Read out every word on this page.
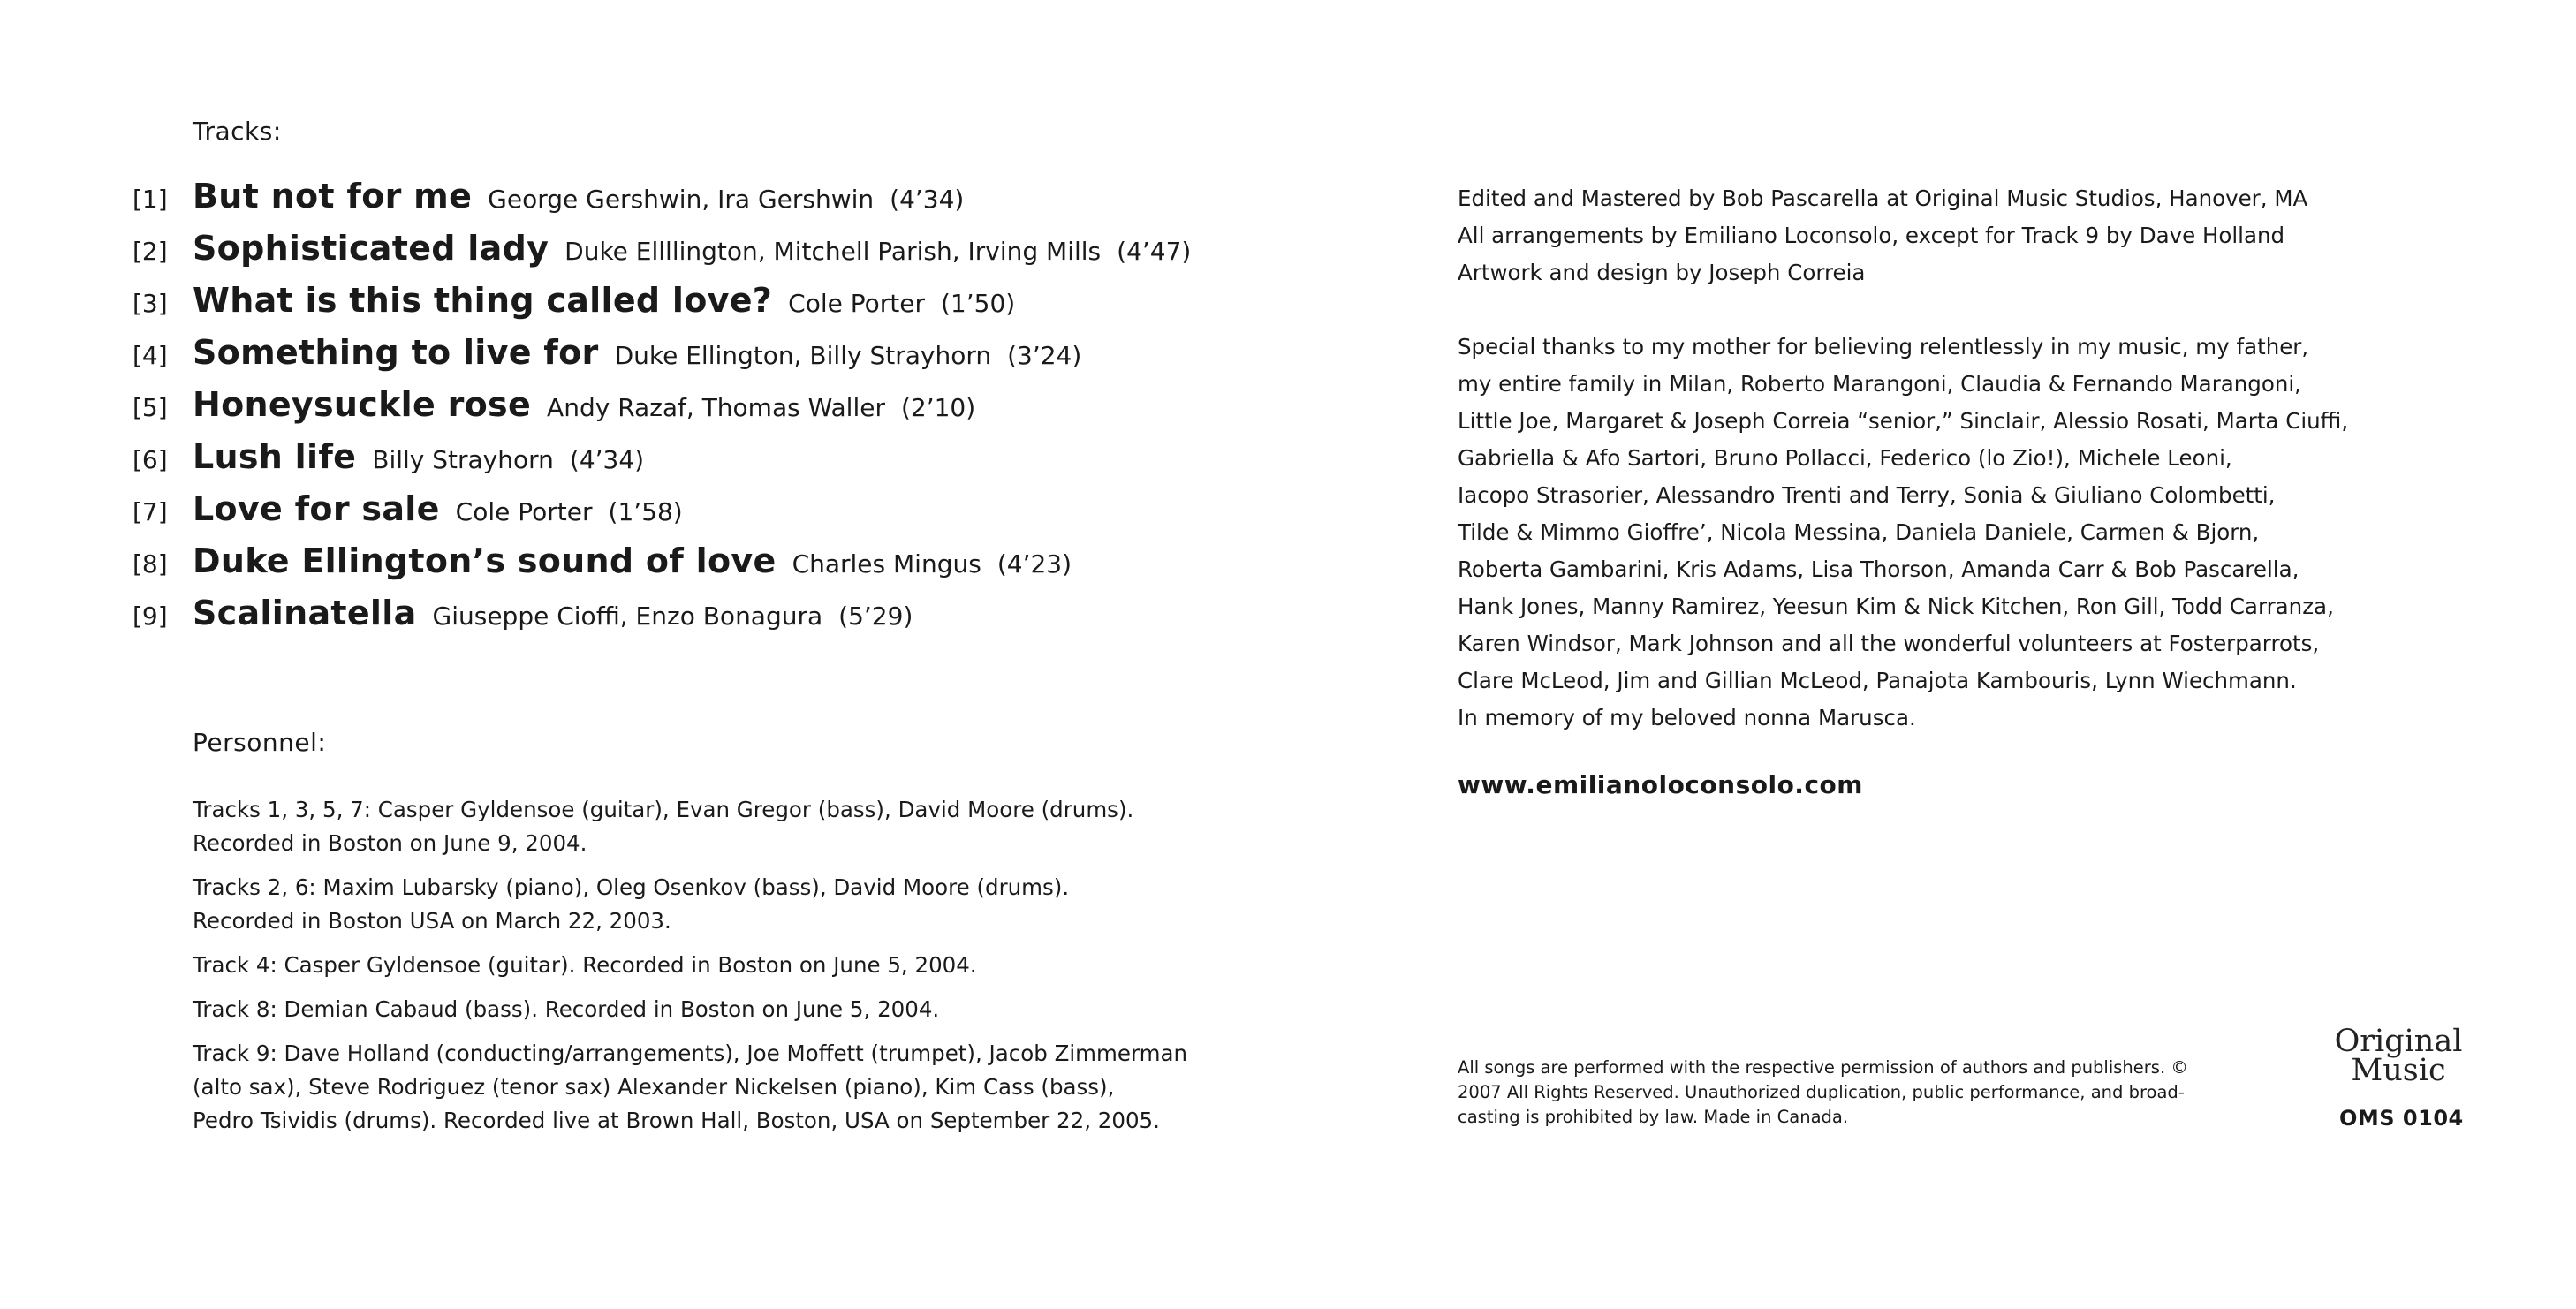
Tracks:
[1] But not for me George Gershwin, Ira Gershwin (4’34)
[2] Sophisticated lady Duke Ellllington, Mitchell Parish, Irving Mills (4’47)
[3] What is this thing called love? Cole Porter (1’50)
[4] Something to live for Duke Ellington, Billy Strayhorn (3’24)
[5] Honeysuckle rose Andy Razaf, Thomas Waller (2’10)
[6] Lush life Billy Strayhorn (4’34)
[7] Love for sale Cole Porter (1’58)
[8] Duke Ellington’s sound of love Charles Mingus (4’23)
[9] Scalinatella Giuseppe Cioffi, Enzo Bonagura (5’29)
Personnel:
Tracks 1, 3, 5, 7: Casper Gyldensoe (guitar), Evan Gregor (bass), David Moore (drums).
Recorded in Boston on June 9, 2004.
Tracks 2, 6: Maxim Lubarsky (piano), Oleg Osenkov (bass), David Moore (drums).
Recorded in Boston USA on March 22, 2003.
Track 4: Casper Gyldensoe (guitar). Recorded in Boston on June 5, 2004.
Track 8: Demian Cabaud (bass). Recorded in Boston on June 5, 2004.
Track 9: Dave Holland (conducting/arrangements), Joe Moffett (trumpet), Jacob Zimmerman
(alto sax), Steve Rodriguez (tenor sax) Alexander Nickelsen (piano), Kim Cass (bass),
Pedro Tsividis (drums). Recorded live at Brown Hall, Boston, USA on September 22, 2005.
Edited and Mastered by Bob Pascarella at Original Music Studios, Hanover, MA
All arrangements by Emiliano Loconsolo, except for Track 9 by Dave Holland
Artwork and design by Joseph Correia
Special thanks to my mother for believing relentlessly in my music, my father,
my entire family in Milan, Roberto Marangoni, Claudia & Fernando Marangoni,
Little Joe, Margaret & Joseph Correia “senior,” Sinclair, Alessio Rosati, Marta Ciuffi,
Gabriella & Afo Sartori, Bruno Pollacci, Federico (lo Zio!), Michele Leoni,
Iacopo Strasorier, Alessandro Trenti and Terry, Sonia & Giuliano Colombetti,
Tilde & Mimmo Gioffre’, Nicola Messina, Daniela Daniele, Carmen & Bjorn,
Roberta Gambarini, Kris Adams, Lisa Thorson, Amanda Carr & Bob Pascarella,
Hank Jones, Manny Ramirez, Yeesun Kim & Nick Kitchen, Ron Gill, Todd Carranza,
Karen Windsor, Mark Johnson and all the wonderful volunteers at Fosterparrots,
Clare McLeod, Jim and Gillian McLeod, Panajota Kambouris, Lynn Wiechmann.
In memory of my beloved nonna Marusca.
www.emilianoloconsolo.com
All songs are performed with the respective permission of authors and publishers. ©
2007 All Rights Reserved. Unauthorized duplication, public performance, and broad-
casting is prohibited by law. Made in Canada.
Original
Music
OMS 0104
